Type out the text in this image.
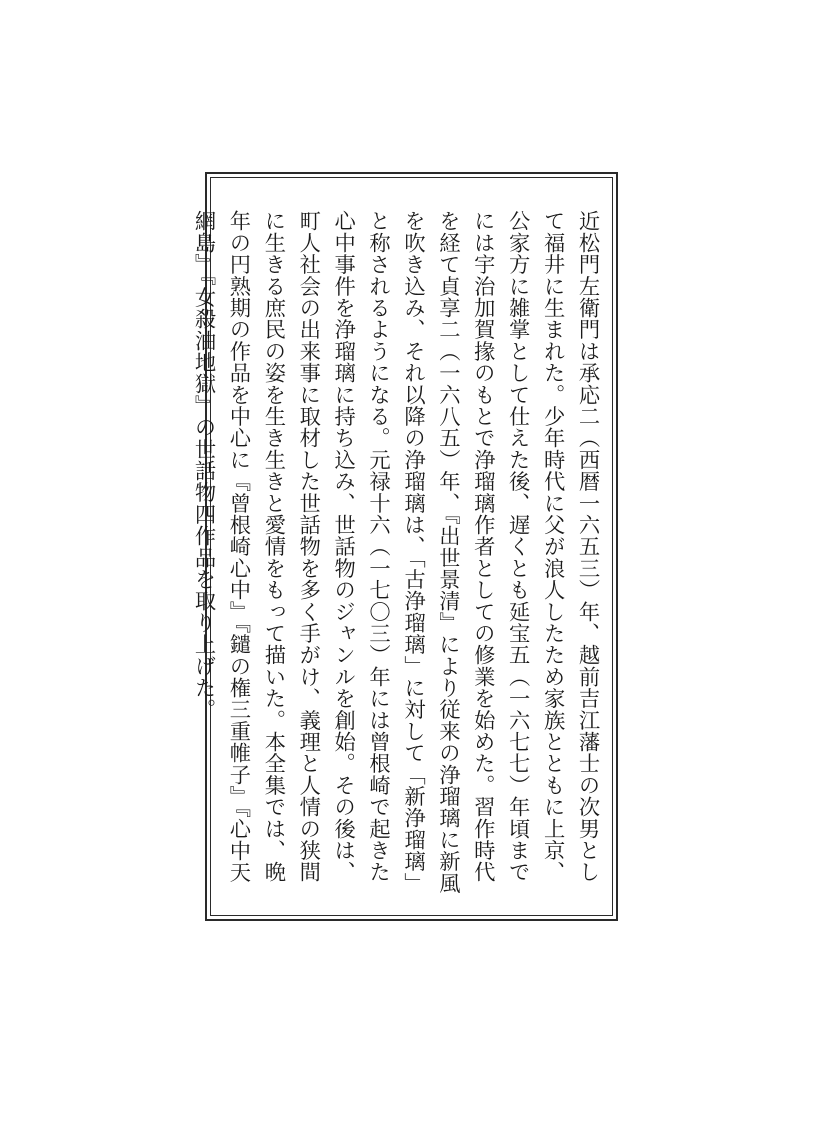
近松門左衛門は承応二（西暦一六五三）年、越前吉江藩士の次男として福井に生まれた。少年時代に父が浪人したため家族とともに上京、公家方に雑掌として仕えた後、遅くとも延宝五（一六七七）年頃までには宇治加賀掾のもとで浄瑠璃作者としての修業を始めた。習作時代を経て貞享二（一六八五）年、『出世景清』により従来の浄瑠璃に新風を吹き込み、それ以降の浄瑠璃は、「古浄瑠璃」に対して「新浄瑠璃」と称されるようになる。元禄十六（一七〇三）年には曾根崎で起きた心中事件を浄瑠璃に持ち込み、世話物のジャンルを創始。その後は、町人社会の出来事に取材した世話物を多く手がけ、義理と人情の狭間に生きる庶民の姿を生き生きと愛情をもって描いた。本全集では、晩年の円熟期の作品を中心に『曾根崎心中』『鑓の権三重帷子』『心中天網島』『女殺油地獄』の世話物四作品を取り上げた。
